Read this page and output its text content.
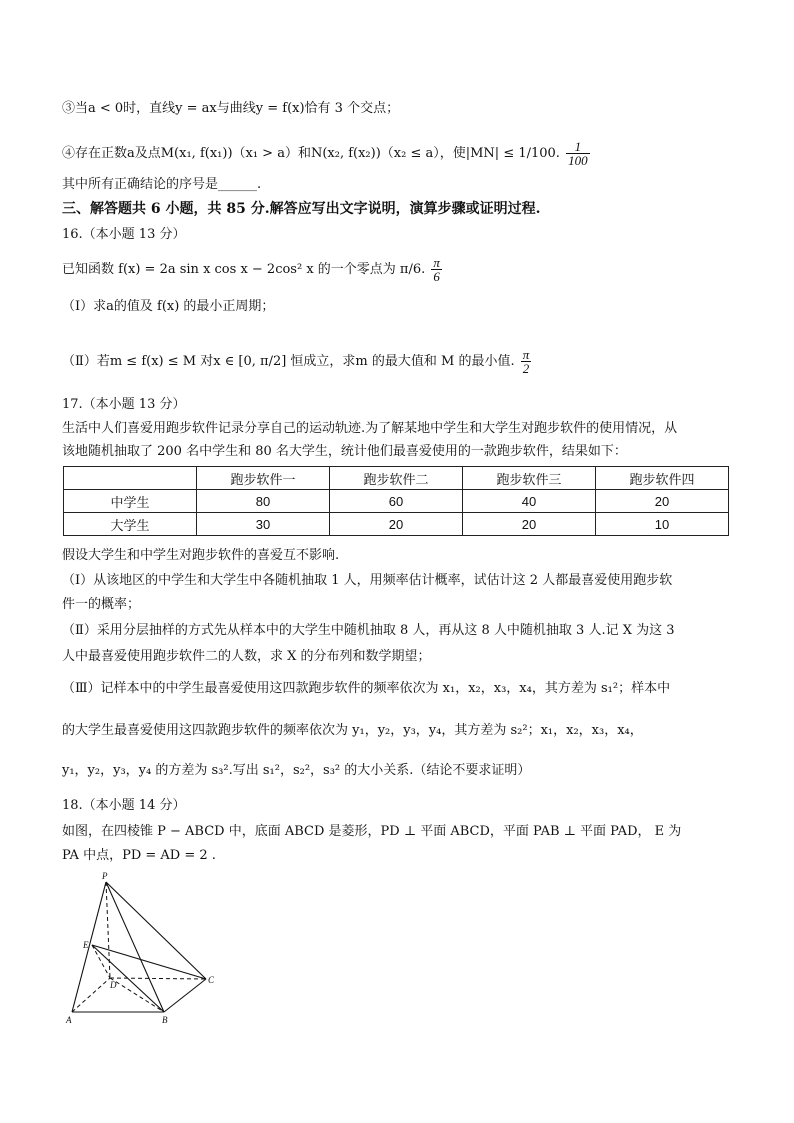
③当a < 0时，直线y = ax与曲线y = f(x)恰有 3 个交点；
④存在正数a及点M(x₁, f(x₁))（x₁ > a）和N(x₂, f(x₂))（x₂ ≤ a），使|MN| ≤ 1/100. $\frac{1}{100}$
其中所有正确结论的序号是______.
三、解答题共 6 小题，共 85 分.解答应写出文字说明，演算步骤或证明过程.
16.（本小题 13 分）
已知函数 f(x) = 2a sin x cos x − 2cos² x 的一个零点为 π/6. $\frac{\pi}{6}$
（Ⅰ）求a的值及 f(x) 的最小正周期；
（Ⅱ）若m ≤ f(x) ≤ M 对x ∈ [0, π/2] 恒成立，求m 的最大值和 M 的最小值. $\frac{\pi}{2}$
17.（本小题 13 分）
生活中人们喜爱用跑步软件记录分享自己的运动轨迹.为了解某地中学生和大学生对跑步软件的使用情况，从
该地随机抽取了 200 名中学生和 80 名大学生，统计他们最喜爱使用的一款跑步软件，结果如下：
	跑步软件一	跑步软件二	跑步软件三	跑步软件四
中学生	80	60	40	20
大学生	30	20	20	10
假设大学生和中学生对跑步软件的喜爱互不影响.
（Ⅰ）从该地区的中学生和大学生中各随机抽取 1 人，用频率估计概率，试估计这 2 人都最喜爱使用跑步软
件一的概率；
（Ⅱ）采用分层抽样的方式先从样本中的大学生中随机抽取 8 人，再从这 8 人中随机抽取 3 人.记 X 为这 3
人中最喜爱使用跑步软件二的人数，求 X 的分布列和数学期望；
（Ⅲ）记样本中的中学生最喜爱使用这四款跑步软件的频率依次为 x₁，x₂，x₃，x₄，其方差为 s₁²；样本中
的大学生最喜爱使用这四款跑步软件的频率依次为 y₁，y₂，y₃，y₄，其方差为 s₂²；x₁，x₂，x₃，x₄，
y₁，y₂，y₃，y₄ 的方差为 s₃².写出 s₁²，s₂²，s₃² 的大小关系.（结论不要求证明）
18.（本小题 14 分）
如图，在四棱锥 P − ABCD 中，底面 ABCD 是菱形，PD ⊥ 平面 ABCD，平面 PAB ⊥ 平面 PAD， E 为
PA 中点，PD = AD = 2 .
P
E
D
A	B
C
